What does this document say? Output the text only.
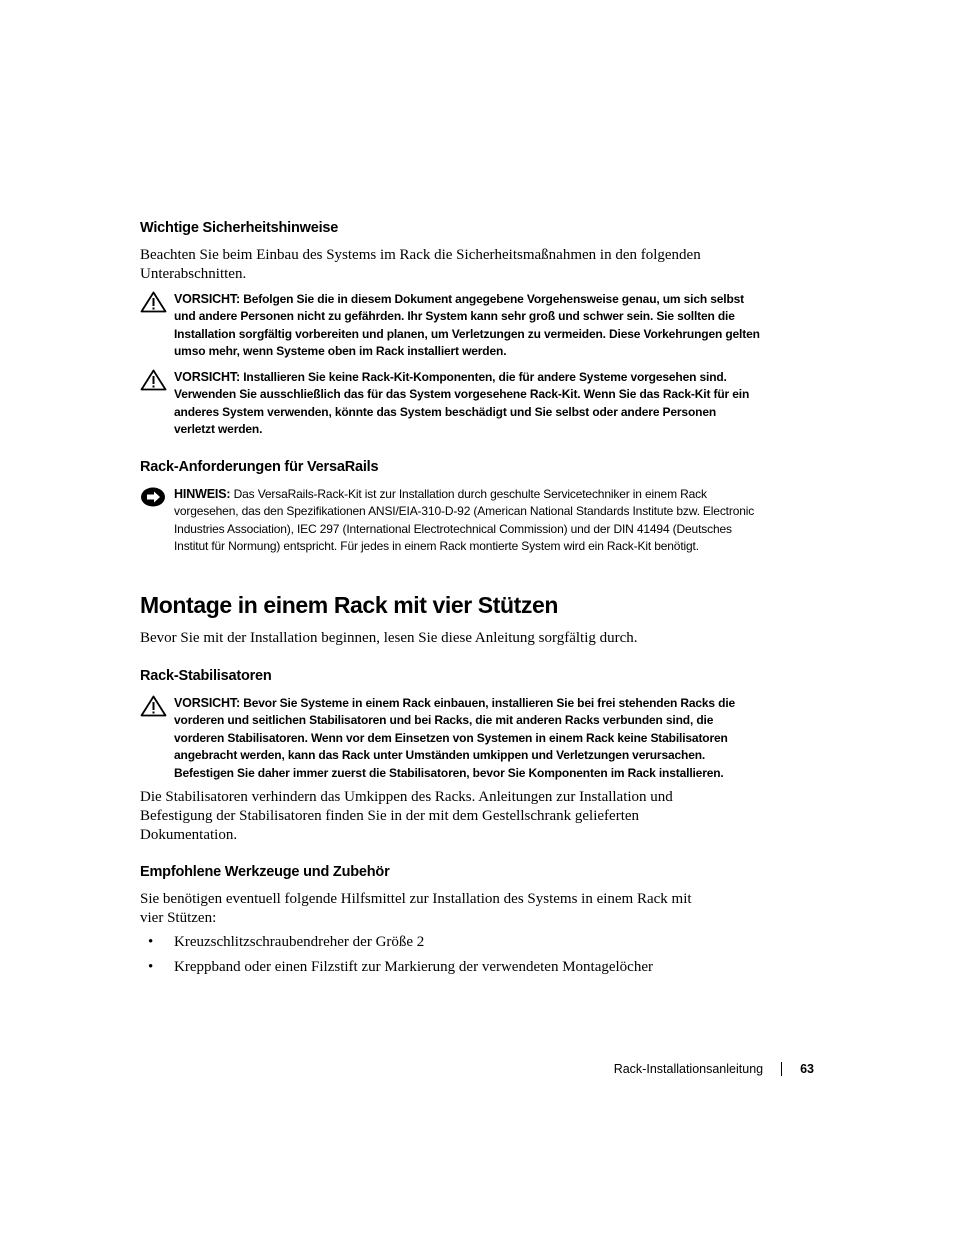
Wichtige Sicherheitshinweise

Beachten Sie beim Einbau des Systems im Rack die Sicherheitsmaßnahmen in den folgenden Unterabschnitten.

VORSICHT: Befolgen Sie die in diesem Dokument angegebene Vorgehensweise genau, um sich selbst und andere Personen nicht zu gefährden. Ihr System kann sehr groß und schwer sein. Sie sollten die Installation sorgfältig vorbereiten und planen, um Verletzungen zu vermeiden. Diese Vorkehrungen gelten umso mehr, wenn Systeme oben im Rack installiert werden.
VORSICHT: Installieren Sie keine Rack-Kit-Komponenten, die für andere Systeme vorgesehen sind. Verwenden Sie ausschließlich das für das System vorgesehene Rack-Kit. Wenn Sie das Rack-Kit für ein anderes System verwenden, könnte das System beschädigt und Sie selbst oder andere Personen verletzt werden.
Rack-Anforderungen für VersaRails
HINWEIS: Das VersaRails-Rack-Kit ist zur Installation durch geschulte Servicetechniker in einem Rack vorgesehen, das den Spezifikationen ANSI/EIA-310-D-92 (American National Standards Institute bzw. Electronic Industries Association), IEC 297 (International Electrotechnical Commission) und der DIN 41494 (Deutsches Institut für Normung) entspricht. Für jedes in einem Rack montierte System wird ein Rack-Kit benötigt.
Montage in einem Rack mit vier Stützen

Bevor Sie mit der Installation beginnen, lesen Sie diese Anleitung sorgfältig durch.

Rack-Stabilisatoren
VORSICHT: Bevor Sie Systeme in einem Rack einbauen, installieren Sie bei frei stehenden Racks die vorderen und seitlichen Stabilisatoren und bei Racks, die mit anderen Racks verbunden sind, die vorderen Stabilisatoren. Wenn vor dem Einsetzen von Systemen in einem Rack keine Stabilisatoren angebracht werden, kann das Rack unter Umständen umkippen und Verletzungen verursachen. Befestigen Sie daher immer zuerst die Stabilisatoren, bevor Sie Komponenten im Rack installieren.

Die Stabilisatoren verhindern das Umkippen des Racks. Anleitungen zur Installation und Befestigung der Stabilisatoren finden Sie in der mit dem Gestellschrank gelieferten Dokumentation.

Empfohlene Werkzeuge und Zubehör

Sie benötigen eventuell folgende Hilfsmittel zur Installation des Systems in einem Rack mit vier Stützen:

• Kreuzschlitzschraubendreher der Größe 2
• Kreppband oder einen Filzstift zur Markierung der verwendeten Montagelöcher
Rack-Installationsanleitung	63
